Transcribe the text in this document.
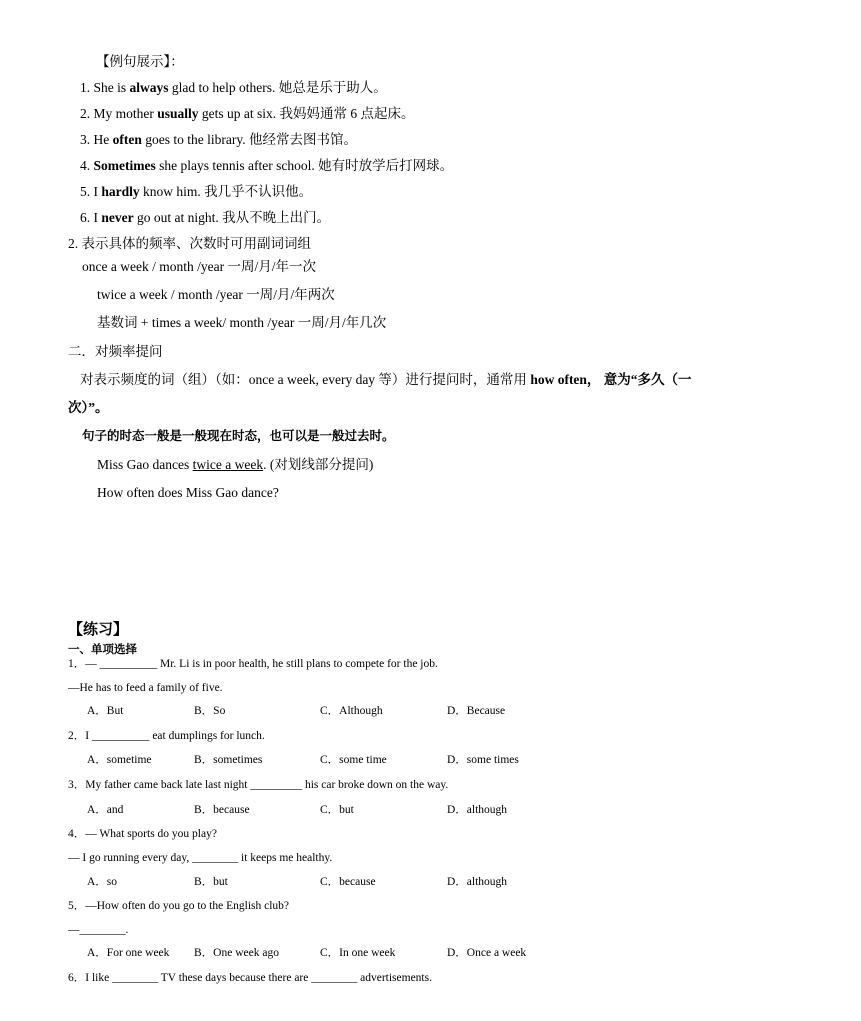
【例句展示】：
1. She is always glad to help others. 她总是乐于助人。
2. My mother usually gets up at six. 我妈妈通常 6 点起床。
3. He often goes to the library. 他经常去图书馆。
4. Sometimes she plays tennis after school. 她有时放学后打网球。
5. I hardly know him. 我几乎不认识他。
6. I never go out at night. 我从不晚上出门。
2. 表示具体的频率、次数时可用副词词组
once a week / month /year 一周/月/年一次
twice a week / month /year 一周/月/年两次
基数词 + times a week/ month /year 一周/月/年几次
二．对频率提问
对表示频度的词（组）（如：once a week, every day 等）进行提问时，通常用 how often， 意为“多久（一
次）”。
句子的时态一般是一般现在时态，也可以是一般过去时。
Miss Gao dances twice a week. (对划线部分提问)
How often does Miss Gao dance?
【练习】
一、单项选择
1．— __________ Mr. Li is in poor health, he still plans to compete for the job.
—He has to feed a family of five.
A．But	B．So	C．Although	D．Because
2．I __________ eat dumplings for lunch.
A．sometime	B．sometimes	C．some time	D．some times
3．My father came back late last night _________ his car broke down on the way.
A．and	B．because	C．but	D．although
4．— What sports do you play?
— I go running every day, ________ it keeps me healthy.
A．so	B．but	C．because	D．although
5．—How often do you go to the English club?
—________.
A．For one week B．One week ago	C．In one week	D．Once a week
6．I like ________ TV these days because there are ________ advertisements.
